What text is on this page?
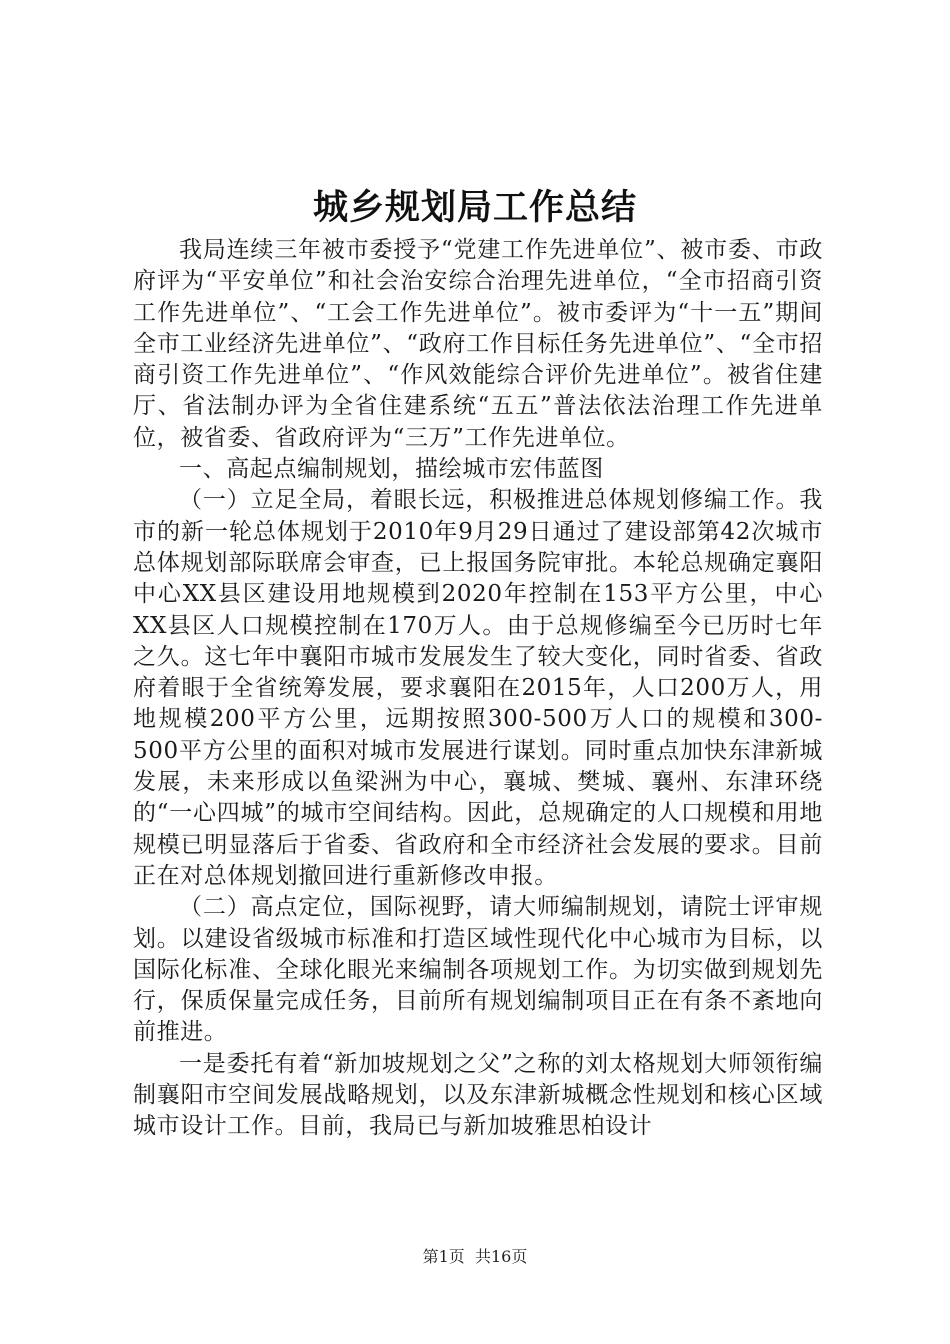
城乡规划局工作总结

我局连续三年被市委授予“党建工作先进单位”、被市委、市政府评为“平安单位”和社会治安综合治理先进单位，“全市招商引资工作先进单位”、“工会工作先进单位”。被市委评为“十一五”期间全市工业经济先进单位”、“政府工作目标任务先进单位”、“全市招商引资工作先进单位”、“作风效能综合评价先进单位”。被省住建厅、省法制办评为全省住建系统“五五”普法依法治理工作先进单位，被省委、省政府评为“三万”工作先进单位。

一、高起点编制规划，描绘城市宏伟蓝图

（一）立足全局，着眼长远，积极推进总体规划修编工作。我市的新一轮总体规划于2010年9月29日通过了建设部第42次城市总体规划部际联席会审查，已上报国务院审批。本轮总规确定襄阳中心XX县区建设用地规模到2020年控制在153平方公里，中心XX县区人口规模控制在170万人。由于总规修编至今已历时七年之久。这七年中襄阳市城市发展发生了较大变化，同时省委、省政府着眼于全省统筹发展，要求襄阳在2015年，人口200万人，用地规模200平方公里，远期按照300-500万人口的规模和300-500平方公里的面积对城市发展进行谋划。同时重点加快东津新城发展，未来形成以鱼梁洲为中心，襄城、樊城、襄州、东津环绕的“一心四城”的城市空间结构。因此，总规确定的人口规模和用地规模已明显落后于省委、省政府和全市经济社会发展的要求。目前正在对总体规划撤回进行重新修改申报。

（二）高点定位，国际视野，请大师编制规划，请院士评审规划。以建设省级城市标准和打造区域性现代化中心城市为目标，以国际化标准、全球化眼光来编制各项规划工作。为切实做到规划先行，保质保量完成任务，目前所有规划编制项目正在有条不紊地向前推进。

一是委托有着“新加坡规划之父”之称的刘太格规划大师领衔编制襄阳市空间发展战略规划，以及东津新城概念性规划和核心区域城市设计工作。目前，我局已与新加坡雅思柏设计

第1页 共16页
